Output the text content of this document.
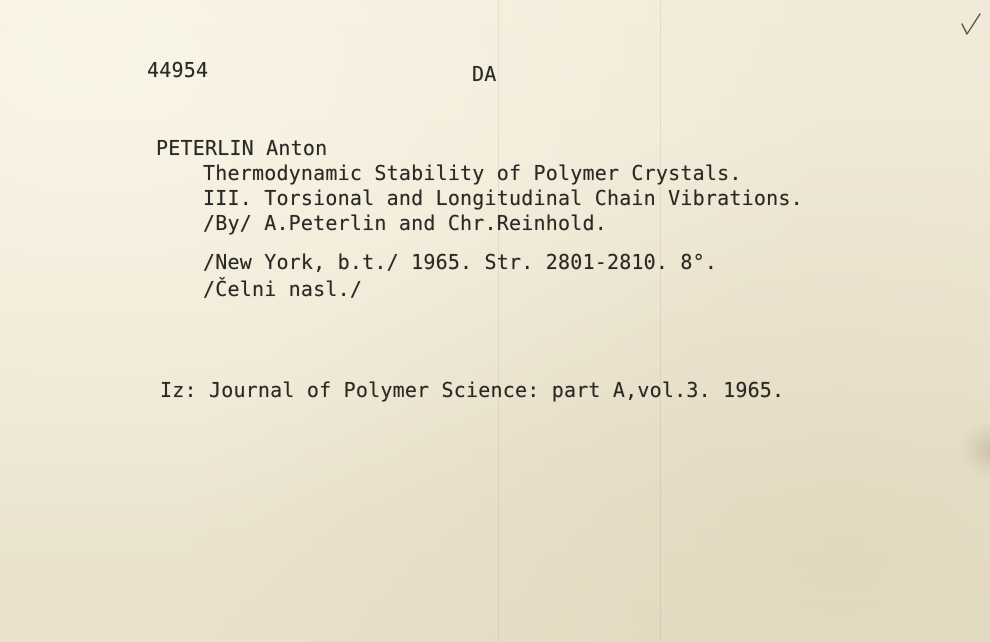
44954	DA
PETERLIN Anton
Thermodynamic Stability of Polymer Crystals.
III. Torsional and Longitudinal Chain Vibrations.
/By/ A.Peterlin and Chr.Reinhold.
/New York, b.t./ 1965. Str. 2801-2810. 8°.
/Čelni nasl./
Iz: Journal of Polymer Science: part A,vol.3. 1965.
